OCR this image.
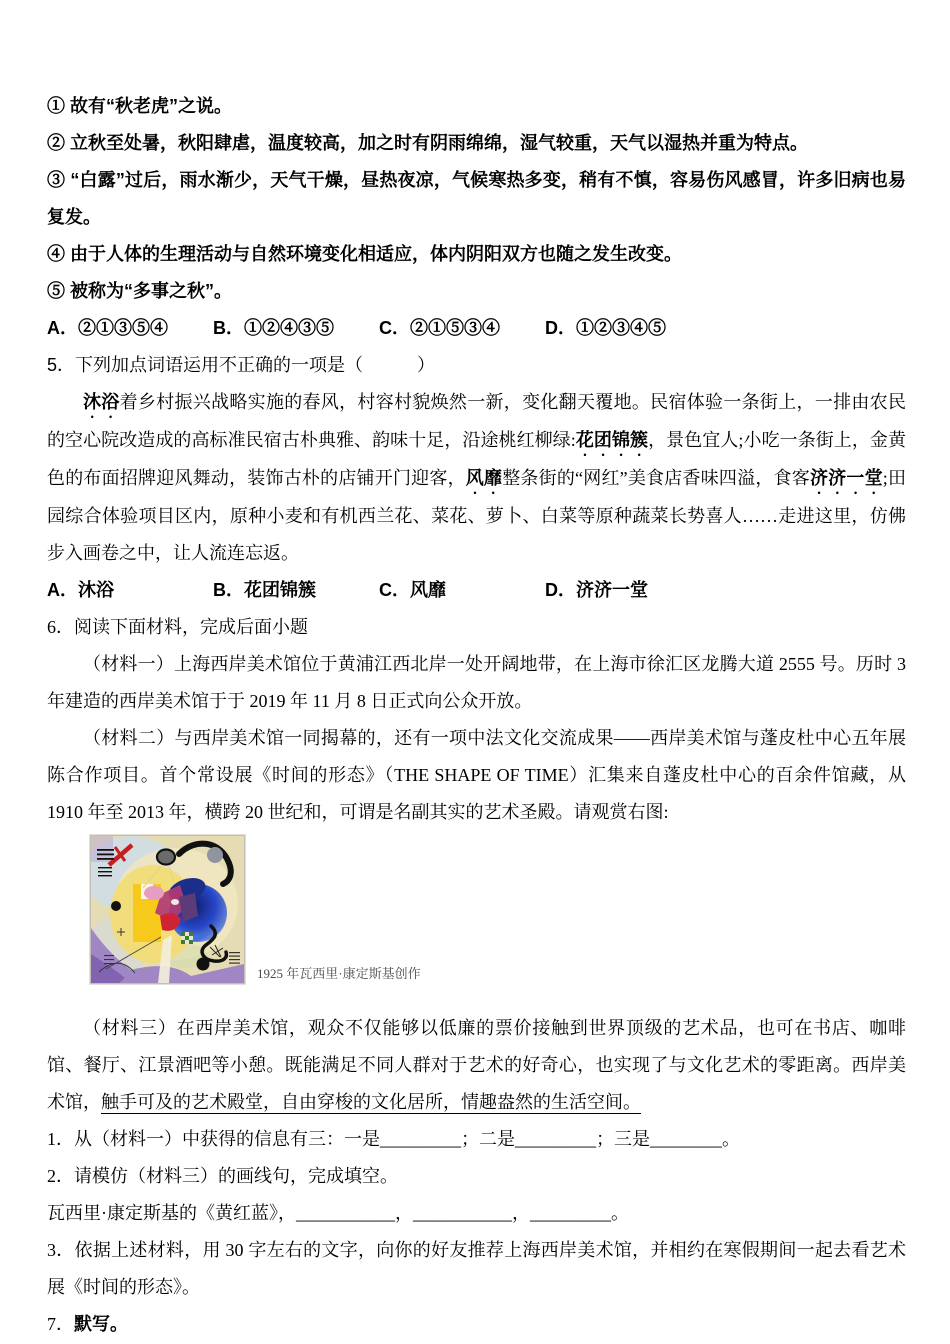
① 故有“秋老虎”之说。

② 立秋至处暑，秋阳肆虐，温度较高，加之时有阴雨绵绵，湿气较重，天气以湿热并重为特点。

③ “白露”过后，雨水渐少，天气干燥，昼热夜凉，气候寒热多变，稍有不慎，容易伤风感冒，许多旧病也易复发。

④ 由于人体的生理活动与自然环境变化相适应，体内阴阳双方也随之发生改变。

⑤ 被称为“多事之秋”。

A．②①③⑤④	B．①②④③⑤	C．②①⑤③④	D．①②③④⑤

5．下列加点词语运用不正确的一项是（　　　）

沐浴着乡村振兴战略实施的春风，村容村貌焕然一新，变化翻天覆地。民宿体验一条街上，一排由农民的空心院改造成的高标准民宿古朴典雅、韵味十足，沿途桃红柳绿:花团锦簇，景色宜人;小吃一条街上，金黄色的布面招牌迎风舞动，装饰古朴的店铺开门迎客，风靡整条街的“网红”美食店香味四溢，食客济济一堂;田园综合体验项目区内，原种小麦和有机西兰花、菜花、萝卜、白菜等原种蔬菜长势喜人……走进这里，仿佛步入画卷之中，让人流连忘返。

A．沐浴	B．花团锦簇	C．风靡	D．济济一堂

6．阅读下面材料，完成后面小题

（材料一）上海西岸美术馆位于黄浦江西北岸一处开阔地带，在上海市徐汇区龙腾大道 2555 号。历时 3 年建造的西岸美术馆于于 2019 年 11 月 8 日正式向公众开放。

（材料二）与西岸美术馆一同揭幕的，还有一项中法文化交流成果——西岸美术馆与蓬皮杜中心五年展陈合作项目。首个常设展《时间的形态》（THE SHAPE OF TIME）汇集来自蓬皮杜中心的百余件馆藏，从 1910 年至 2013 年，横跨 20 世纪和，可谓是名副其实的艺术圣殿。请观赏右图:

1925 年瓦西里·康定斯基创作

（材料三）在西岸美术馆，观众不仅能够以低廉的票价接触到世界顶级的艺术品，也可在书店、咖啡馆、餐厅、江景酒吧等小憩。既能满足不同人群对于艺术的好奇心，也实现了与文化艺术的零距离。西岸美术馆，触手可及的艺术殿堂，自由穿梭的文化居所，情趣盎然的生活空间。

1．从（材料一）中获得的信息有三：一是_________；二是_________；三是________。

2．请模仿（材料三）的画线句，完成填空。

瓦西里·康定斯基的《黄红蓝》，___________，___________，_________。

3．依据上述材料，用 30 字左右的文字，向你的好友推荐上海西岸美术馆，并相约在寒假期间一起去看艺术展《时间的形态》。

7．默写。
